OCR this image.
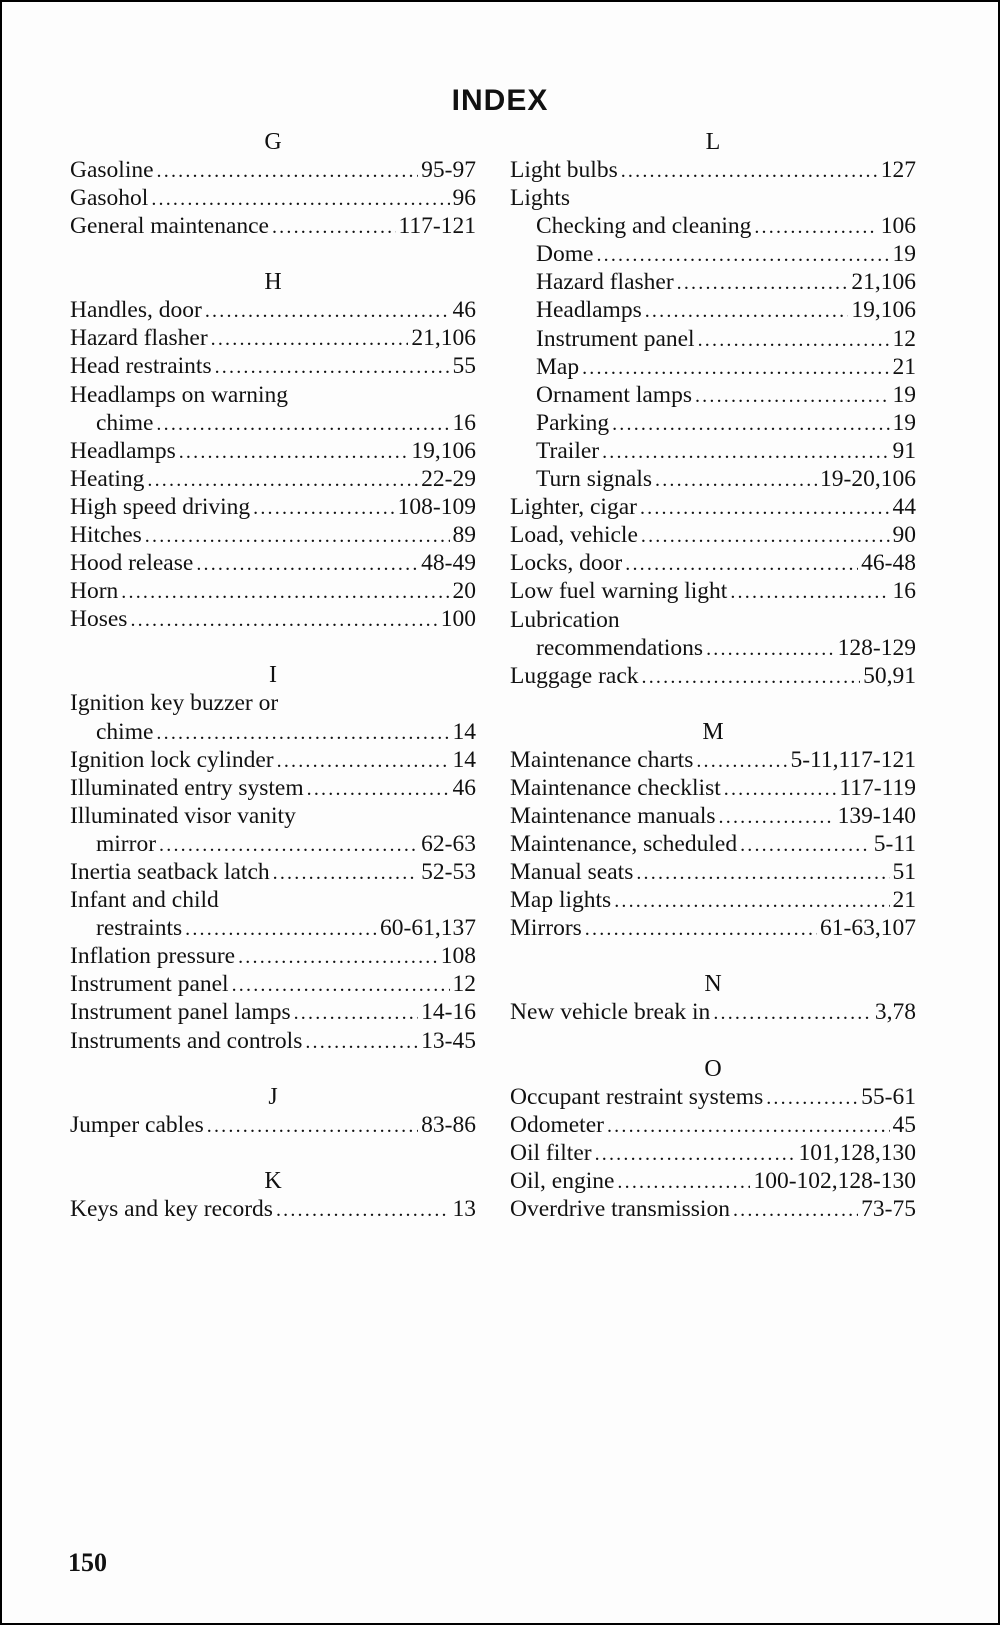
INDEX
G
Gasoline .....	95-97
Gasohol .....	96
General maintenance .....	117-121
H
Handles, door .....	46
Hazard flasher .....	21,106
Head restraints .....	55
Headlamps on warning
chime .....	16
Headlamps .....	19,106
Heating .....	22-29
High speed driving .....	108-109
Hitches .....	89
Hood release .....	48-49
Horn .....	20
Hoses .....	100
I
Ignition key buzzer or
chime .....	14
Ignition lock cylinder .....	14
Illuminated entry system .....	46
Illuminated visor vanity
mirror .....	62-63
Inertia seatback latch .....	52-53
Infant and child
restraints .....	60-61,137
Inflation pressure .....	108
Instrument panel .....	12
Instrument panel lamps .....	14-16
Instruments and controls .....	13-45
J
Jumper cables .....	83-86
K
Keys and key records .....	13
L
Light bulbs .....	127
Lights
Checking and cleaning .....	106
Dome .....	19
Hazard flasher .....	21,106
Headlamps .....	19,106
Instrument panel .....	12
Map .....	21
Ornament lamps .....	19
Parking .....	19
Trailer .....	91
Turn signals .....	19-20,106
Lighter, cigar .....	44
Load, vehicle .....	90
Locks, door .....	46-48
Low fuel warning light .....	16
Lubrication
recommendations .....	128-129
Luggage rack .....	50,91
M
Maintenance charts .....	5-11,117-121
Maintenance checklist .....	117-119
Maintenance manuals .....	139-140
Maintenance, scheduled .....	5-11
Manual seats .....	51
Map lights .....	21
Mirrors .....	61-63,107
N
New vehicle break in .....	3,78
O
Occupant restraint systems .....	55-61
Odometer .....	45
Oil filter .....	101,128,130
Oil, engine .....	100-102,128-130
Overdrive transmission .....	73-75
150
